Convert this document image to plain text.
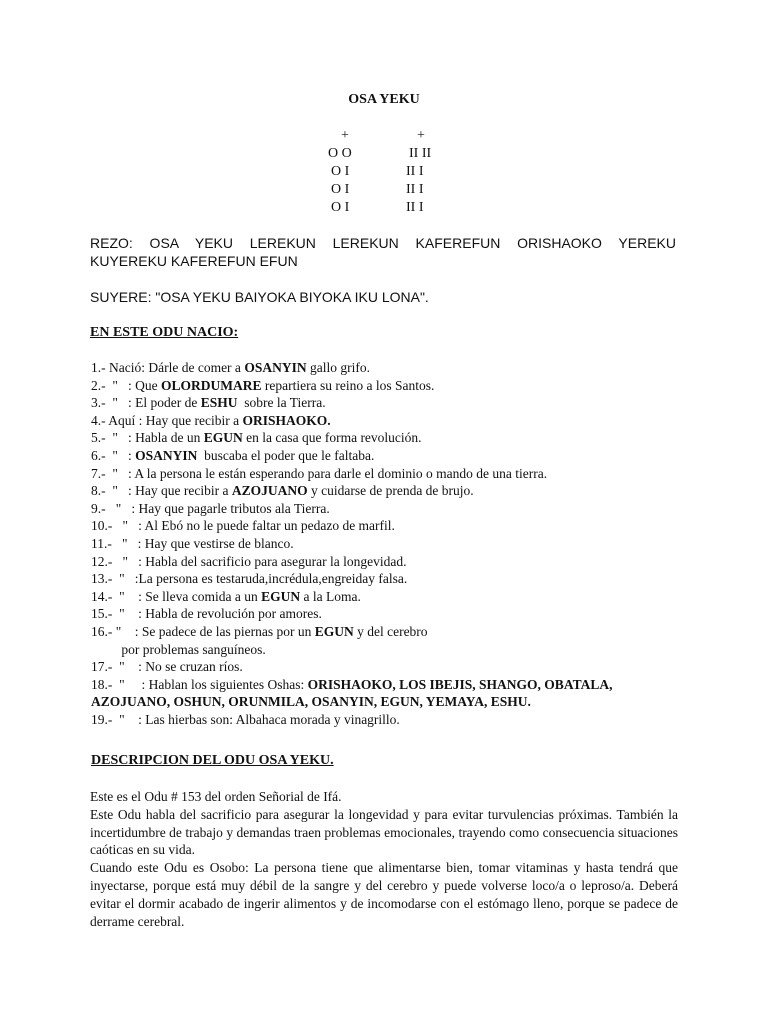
OSA YEKU
+
O O
O I
O I
O I
+
II II
II I
II I
II I
REZO: OSA YEKU LEREKUN LEREKUN KAFEREFUN ORISHAOKO YEREKU
KUYEREKU KAFEREFUN EFUN
SUYERE: "OSA YEKU BAIYOKA BIYOKA IKU LONA".
EN ESTE ODU NACIO:
1.- Nació: Dárle de comer a OSANYIN gallo grifo.
2.-  "   : Que OLORDUMARE repartiera su reino a los Santos.
3.-  "   : El poder de ESHU  sobre la Tierra.
4.- Aquí : Hay que recibir a ORISHAOKO.
5.-  "   : Habla de un EGUN en la casa que forma revolución.
6.-  "   : OSANYIN  buscaba el poder que le faltaba.
7.-  "   : A la persona le están esperando para darle el dominio o mando de una tierra.
8.-  "   : Hay que recibir a AZOJUANO y cuidarse de prenda de brujo.
9.-   "   : Hay que pagarle tributos ala Tierra.
10.-   "   : Al Ebó no le puede faltar un pedazo de marfil.
11.-   "   : Hay que vestirse de blanco.
12.-   "   : Habla del sacrificio para asegurar la longevidad.
13.-  "   :La persona es testaruda,incrédula,engreiday falsa.
14.-  "    : Se lleva comida a un EGUN a la Loma.
15.-  "    : Habla de revolución por amores.
16.- "    : Se padece de las piernas por un EGUN y del cerebro
por problemas sanguíneos.
17.-  "    : No se cruzan ríos.
18.-  "     : Hablan los siguientes Oshas: ORISHAOKO, LOS IBEJIS, SHANGO, OBATALA,
AZOJUANO, OSHUN, ORUNMILA, OSANYIN, EGUN, YEMAYA, ESHU.
19.-  "    : Las hierbas son: Albahaca morada y vinagrillo.
DESCRIPCION DEL ODU OSA YEKU.

Este es el Odu # 153 del orden Señorial de Ifá.

Este Odu habla del sacrificio para asegurar la longevidad y para evitar turvulencias próximas. También la incertidumbre de trabajo y demandas traen problemas emocionales, trayendo como consecuencia situaciones caóticas en su vida.

Cuando este Odu es Osobo: La persona tiene que alimentarse bien, tomar vitaminas y hasta tendrá que inyectarse, porque está muy débil de la sangre y del cerebro y puede volverse loco/a o leproso/a. Deberá evitar el dormir acabado de ingerir alimentos y de incomodarse con el estómago lleno, porque se padece de derrame cerebral.
